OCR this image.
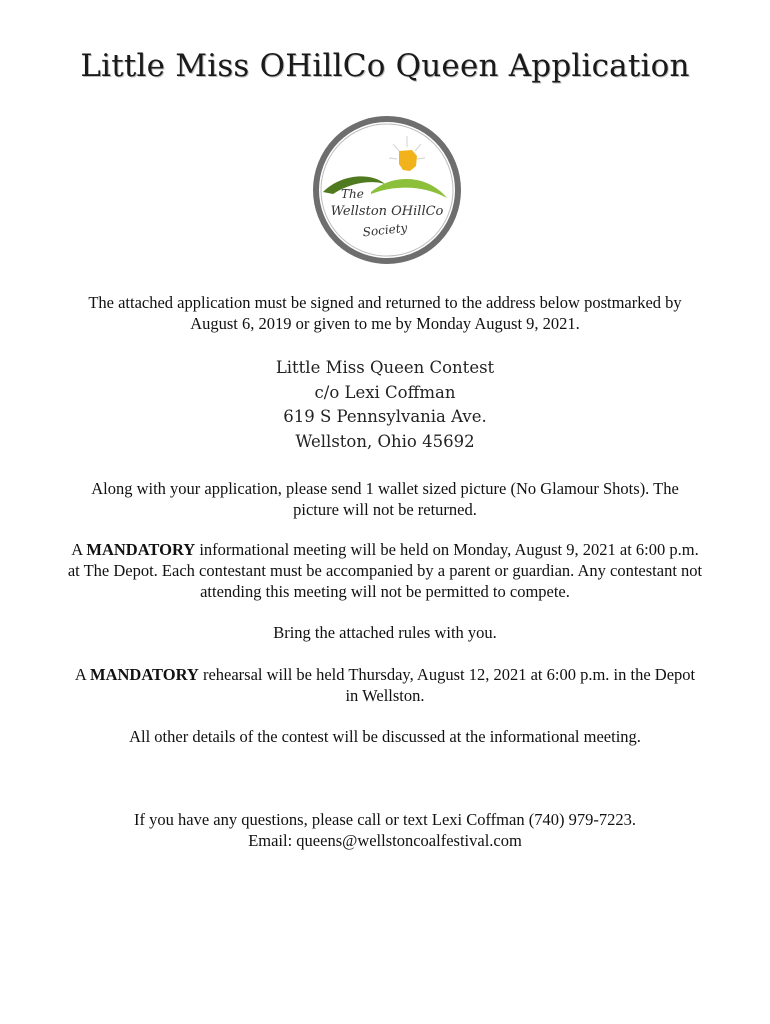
Little Miss OHillCo Queen Application
The
Wellston OHillCo
Society
The attached application must be signed and returned to the address below postmarked by
August 6, 2019 or given to me by Monday August 9, 2021.
Little Miss Queen Contest
c/o Lexi Coffman
619 S Pennsylvania Ave.
Wellston, Ohio 45692
Along with your application, please send 1 wallet sized picture (No Glamour Shots). The
picture will not be returned.
A MANDATORY informational meeting will be held on Monday, August 9, 2021 at 6:00 p.m.
at The Depot. Each contestant must be accompanied by a parent or guardian. Any contestant not
attending this meeting will not be permitted to compete.
Bring the attached rules with you.
A MANDATORY rehearsal will be held Thursday, August 12, 2021 at 6:00 p.m. in the Depot
in Wellston.
All other details of the contest will be discussed at the informational meeting.
If you have any questions, please call or text Lexi Coffman (740) 979-7223.
Email: queens@wellstoncoalfestival.com
